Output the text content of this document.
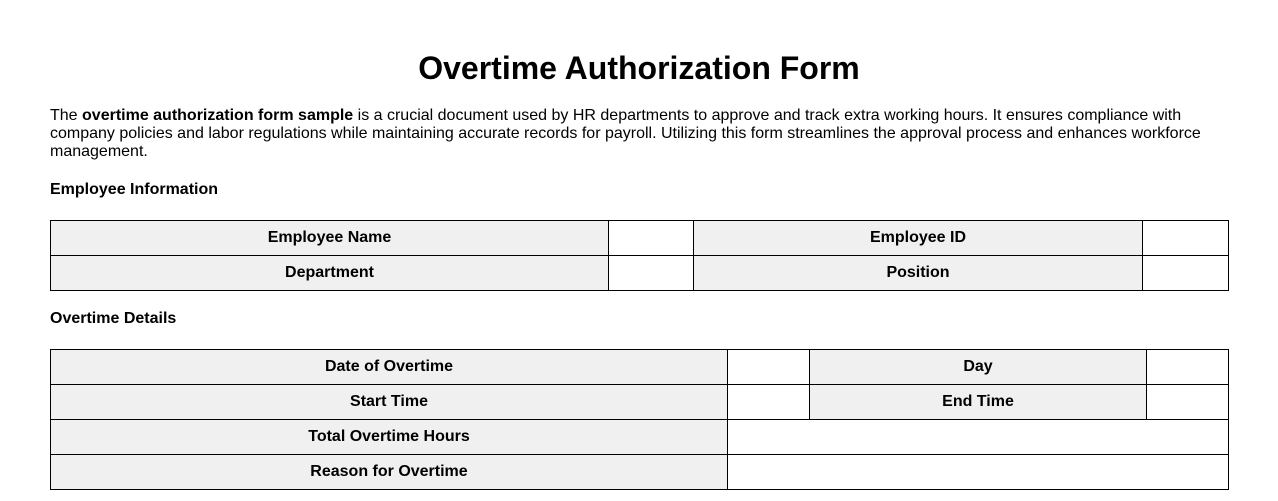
Overtime Authorization Form

The overtime authorization form sample is a crucial document used by HR departments to approve and track extra working hours. It ensures compliance with company policies and labor regulations while maintaining accurate records for payroll. Utilizing this form streamlines the approval process and enhances workforce management.

Employee Information
Employee Name		Employee ID	
Department		Position	
Overtime Details
Date of Overtime		Day	
Start Time		End Time	
Total Overtime Hours			
Reason for Overtime			
